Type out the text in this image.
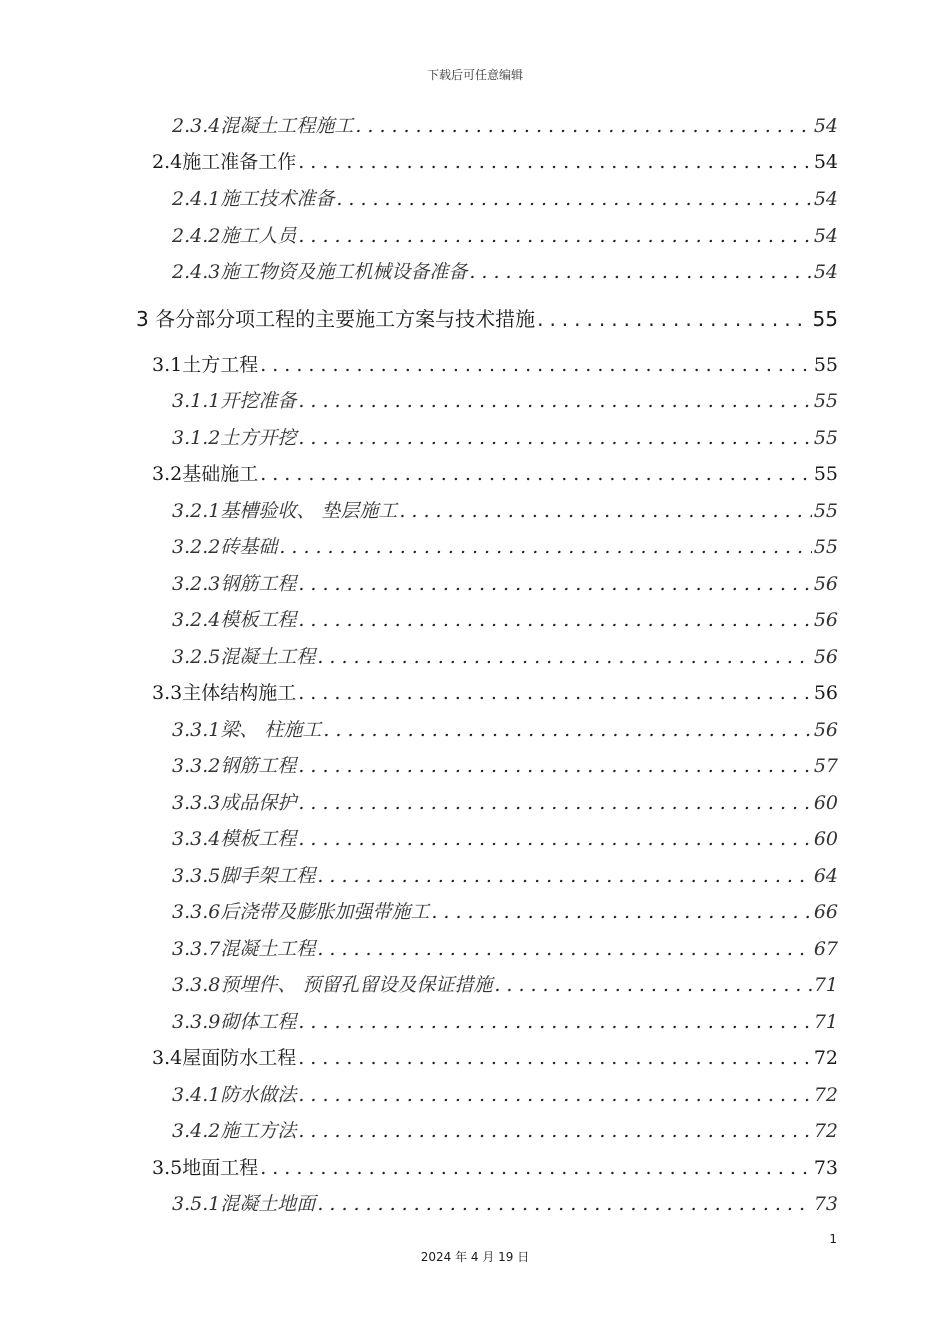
下载后可任意编辑
2.3.4混凝土工程施工 .....	54
2.4施工准备工作 .....	54
2.4.1施工技术准备 .....	54
2.4.2施工人员 .....	54
2.4.3施工物资及施工机械设备准备 .....	54
3 各分部分项工程的主要施工方案与技术措施 .....	55
3.1土方工程 .....	55
3.1.1开挖准备 .....	55
3.1.2土方开挖 .....	55
3.2基础施工 .....	55
3.2.1基槽验收、 垫层施工 .....	55
3.2.2砖基础 .....	55
3.2.3钢筋工程 .....	56
3.2.4模板工程 .....	56
3.2.5混凝土工程 .....	56
3.3主体结构施工 .....	56
3.3.1梁、 柱施工 .....	56
3.3.2钢筋工程 .....	57
3.3.3成品保护 .....	60
3.3.4模板工程 .....	60
3.3.5脚手架工程 .....	64
3.3.6后浇带及膨胀加强带施工 .....	66
3.3.7混凝土工程 .....	67
3.3.8预埋件、 预留孔留设及保证措施 .....	71
3.3.9砌体工程 .....	71
3.4屋面防水工程 .....	72
3.4.1防水做法 .....	72
3.4.2施工方法 .....	72
3.5地面工程 .....	73
3.5.1混凝土地面 .....	73
1
2024 年 4 月 19 日
